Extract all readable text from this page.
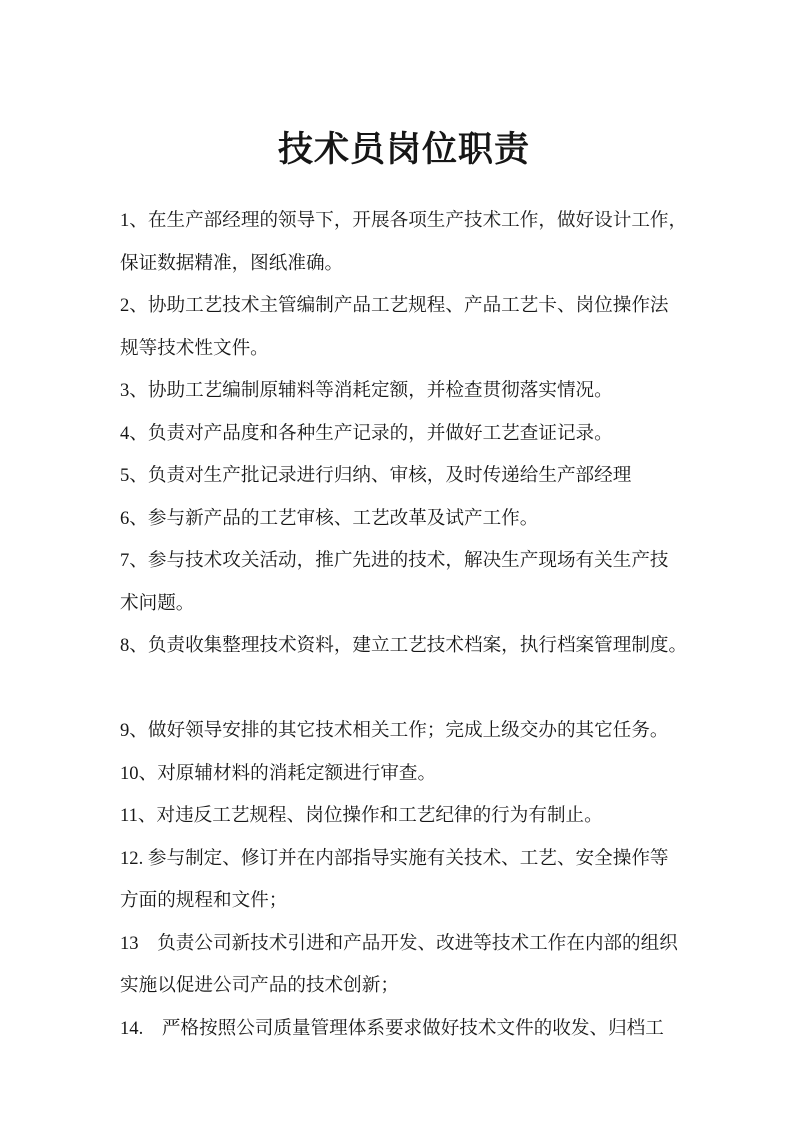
技术员岗位职责
1、在生产部经理的领导下，开展各项生产技术工作，做好设计工作，
保证数据精准，图纸准确。
2、协助工艺技术主管编制产品工艺规程、产品工艺卡、岗位操作法
规等技术性文件。
3、协助工艺编制原辅料等消耗定额，并检查贯彻落实情况。
4、负责对产品度和各种生产记录的，并做好工艺查证记录。
5、负责对生产批记录进行归纳、审核，及时传递给生产部经理
6、参与新产品的工艺审核、工艺改革及试产工作。
7、参与技术攻关活动，推广先进的技术，解决生产现场有关生产技
术问题。
8、负责收集整理技术资料，建立工艺技术档案，执行档案管理制度。
9、做好领导安排的其它技术相关工作；完成上级交办的其它任务。
10、对原辅材料的消耗定额进行审查。
11、对违反工艺规程、岗位操作和工艺纪律的行为有制止。
12. 参与制定、修订并在内部指导实施有关技术、工艺、安全操作等
方面的规程和文件；
13　负责公司新技术引进和产品开发、改进等技术工作在内部的组织
实施以促进公司产品的技术创新；
14.　严格按照公司质量管理体系要求做好技术文件的收发、归档工
